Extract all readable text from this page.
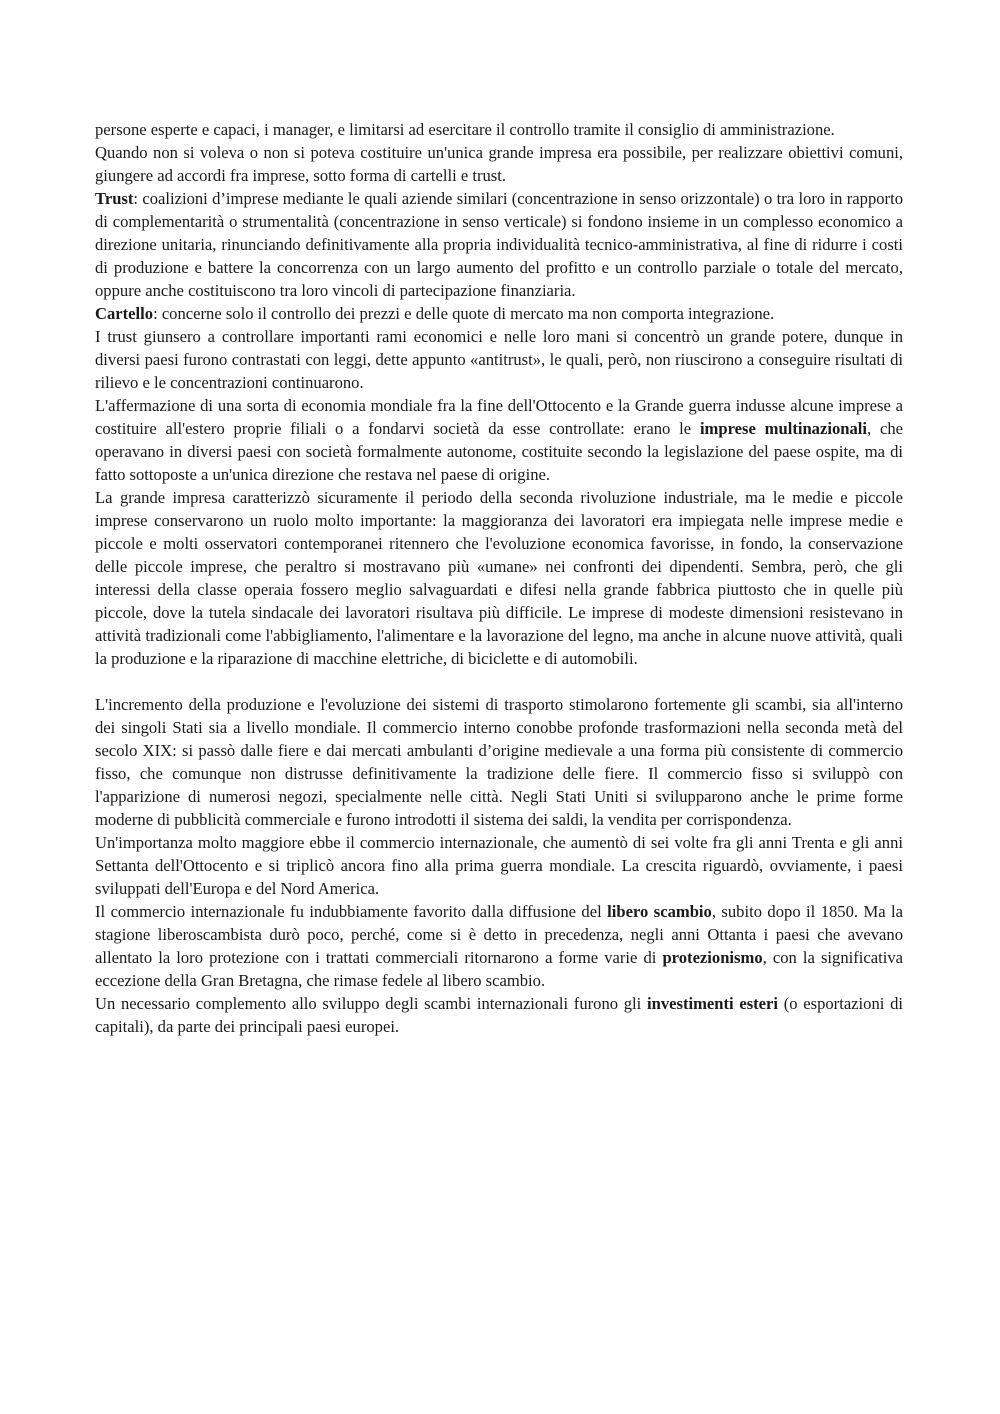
persone esperte e capaci, i manager, e limitarsi ad esercitare il controllo tramite il consiglio di amministrazione.

Quando non si voleva o non si poteva costituire un'unica grande impresa era possibile, per realizzare obiettivi comuni, giungere ad accordi fra imprese, sotto forma di cartelli e trust.

Trust: coalizioni d’imprese mediante le quali aziende similari (concentrazione in senso orizzontale) o tra loro in rapporto di complementarità o strumentalità (concentrazione in senso verticale) si fondono insieme in un complesso economico a direzione unitaria, rinunciando definitivamente alla propria individualità tecnico-amministrativa, al fine di ridurre i costi di produzione e battere la concorrenza con un largo aumento del profitto e un controllo parziale o totale del mercato, oppure anche costituiscono tra loro vincoli di partecipazione finanziaria.

Cartello: concerne solo il controllo dei prezzi e delle quote di mercato ma non comporta integrazione.

I trust giunsero a controllare importanti rami economici e nelle loro mani si concentrò un grande potere, dunque in diversi paesi furono contrastati con leggi, dette appunto «antitrust», le quali, però, non riuscirono a conseguire risultati di rilievo e le concentrazioni continuarono.

L'affermazione di una sorta di economia mondiale fra la fine dell'Ottocento e la Grande guerra indusse alcune imprese a costituire all'estero proprie filiali o a fondarvi società da esse controllate: erano le imprese multinazionali, che operavano in diversi paesi con società formalmente autonome, costituite secondo la legislazione del paese ospite, ma di fatto sottoposte a un'unica direzione che restava nel paese di origine.

La grande impresa caratterizzò sicuramente il periodo della seconda rivoluzione industriale, ma le medie e piccole imprese conservarono un ruolo molto importante: la maggioranza dei lavoratori era impiegata nelle imprese medie e piccole e molti osservatori contemporanei ritennero che l'evoluzione economica favorisse, in fondo, la conservazione delle piccole imprese, che peraltro si mostravano più «umane» nei confronti dei dipendenti. Sembra, però, che gli interessi della classe operaia fossero meglio salvaguardati e difesi nella grande fabbrica piuttosto che in quelle più piccole, dove la tutela sindacale dei lavoratori risultava più difficile. Le imprese di modeste dimensioni resistevano in attività tradizionali come l'abbigliamento, l'alimentare e la lavorazione del legno, ma anche in alcune nuove attività, quali la produzione e la riparazione di macchine elettriche, di biciclette e di automobili.

L'incremento della produzione e l'evoluzione dei sistemi di trasporto stimolarono fortemente gli scambi, sia all'interno dei singoli Stati sia a livello mondiale. Il commercio interno conobbe profonde trasformazioni nella seconda metà del secolo XIX: si passò dalle fiere e dai mercati ambulanti d’origine medievale a una forma più consistente di commercio fisso, che comunque non distrusse definitivamente la tradizione delle fiere. Il commercio fisso si sviluppò con l'apparizione di numerosi negozi, specialmente nelle città. Negli Stati Uniti si svilupparono anche le prime forme moderne di pubblicità commerciale e furono introdotti il sistema dei saldi, la vendita per corrispondenza.

Un'importanza molto maggiore ebbe il commercio internazionale, che aumentò di sei volte fra gli anni Trenta e gli anni Settanta dell'Ottocento e si triplicò ancora fino alla prima guerra mondiale. La crescita riguardò, ovviamente, i paesi sviluppati dell'Europa e del Nord America.

Il commercio internazionale fu indubbiamente favorito dalla diffusione del libero scambio, subito dopo il 1850. Ma la stagione liberoscambista durò poco, perché, come si è detto in precedenza, negli anni Ottanta i paesi che avevano allentato la loro protezione con i trattati commerciali ritornarono a forme varie di protezionismo, con la significativa eccezione della Gran Bretagna, che rimase fedele al libero scambio.

Un necessario complemento allo sviluppo degli scambi internazionali furono gli investimenti esteri (o esportazioni di capitali), da parte dei principali paesi europei.
